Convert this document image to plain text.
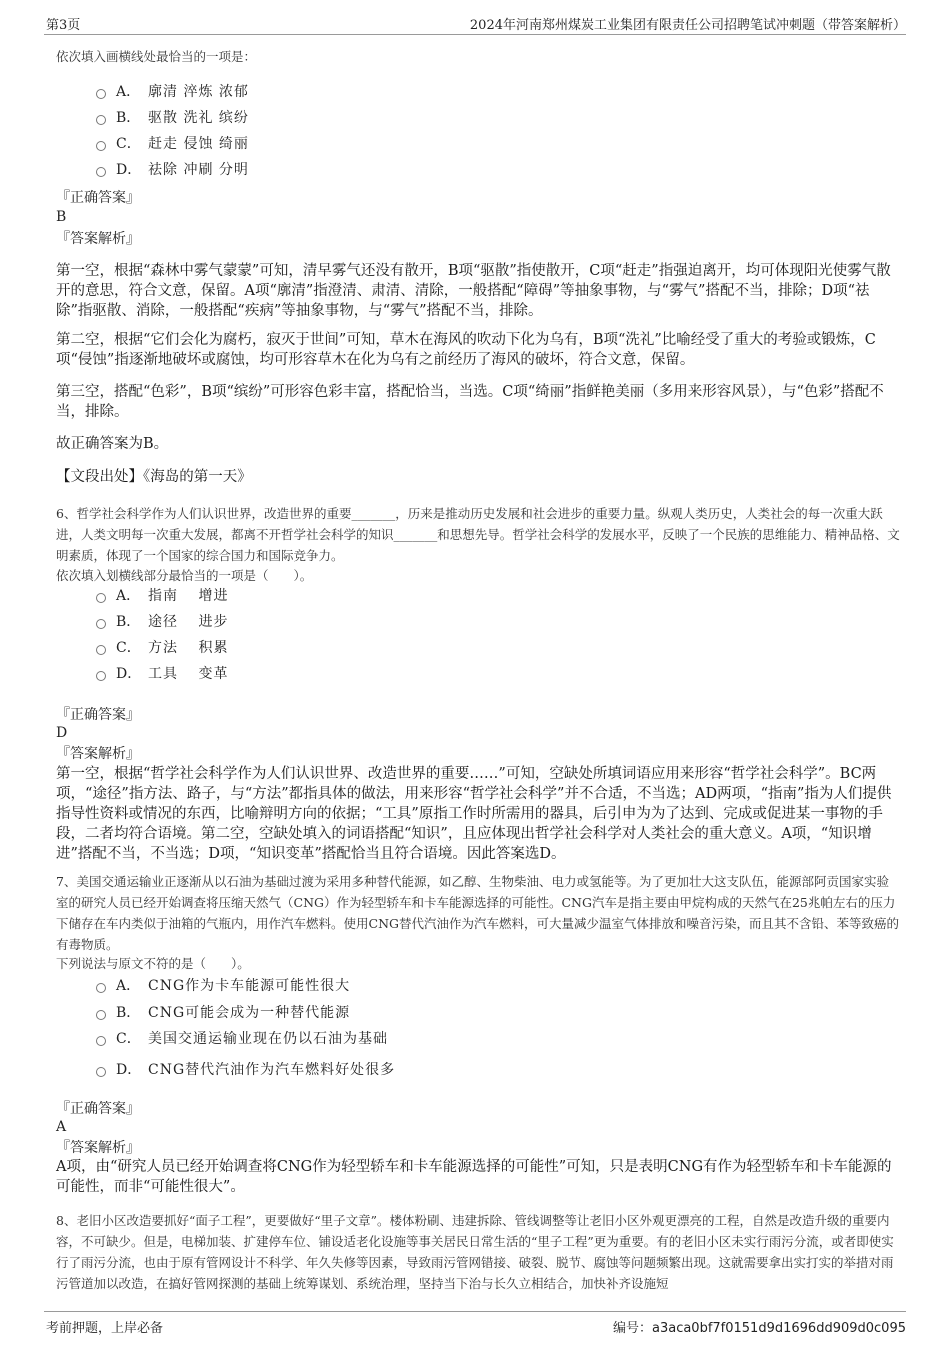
第3页	2024年河南郑州煤炭工业集团有限责任公司招聘笔试冲刺题（带答案解析）
依次填入画横线处最恰当的一项是：
A． 廓清 淬炼 浓郁
B． 驱散 洗礼 缤纷
C． 赶走 侵蚀 绮丽
D． 祛除 冲刷 分明
『正确答案』
B
『答案解析』
第一空，根据“森林中雾气蒙蒙”可知，清早雾气还没有散开，B项“驱散”指使散开，C项“赶走”指强迫离开，均可体现阳光使雾气散开的意思，符合文意，保留。A项“廓清”指澄清、肃清、清除，一般搭配“障碍”等抽象事物，与“雾气”搭配不当，排除；D项“祛除”指驱散、消除，一般搭配“疾病”等抽象事物，与“雾气”搭配不当，排除。
第二空，根据“它们会化为腐朽，寂灭于世间”可知，草木在海风的吹动下化为乌有，B项“洗礼”比喻经受了重大的考验或锻炼，C项“侵蚀”指逐渐地破坏或腐蚀，均可形容草木在化为乌有之前经历了海风的破坏，符合文意，保留。
第三空，搭配“色彩”，B项“缤纷”可形容色彩丰富，搭配恰当，当选。C项“绮丽”指鲜艳美丽（多用来形容风景），与“色彩”搭配不当，排除。
故正确答案为B。
【文段出处】《海岛的第一天》
6、哲学社会科学作为人们认识世界，改造世界的重要_______，历来是推动历史发展和社会进步的重要力量。纵观人类历史，人类社会的每一次重大跃进，人类文明每一次重大发展，都离不开哲学社会科学的知识_______和思想先导。哲学社会科学的发展水平，反映了一个民族的思维能力、精神品格、文明素质，体现了一个国家的综合国力和国际竞争力。
依次填入划横线部分最恰当的一项是（　　）。
A． 指南　 增进
B． 途径　 进步
C． 方法　 积累
D． 工具　 变革
『正确答案』
D
『答案解析』
第一空，根据“哲学社会科学作为人们认识世界、改造世界的重要……”可知，空缺处所填词语应用来形容“哲学社会科学”。BC两项，“途径”指方法、路子，与“方法”都指具体的做法，用来形容“哲学社会科学”并不合适，不当选；AD两项，“指南”指为人们提供指导性资料或情况的东西，比喻辩明方向的依据；“工具”原指工作时所需用的器具，后引申为为了达到、完成或促进某一事物的手段，二者均符合语境。第二空，空缺处填入的词语搭配“知识”，且应体现出哲学社会科学对人类社会的重大意义。A项，“知识增进”搭配不当，不当选；D项，“知识变革”搭配恰当且符合语境。因此答案选D。
7、美国交通运输业正逐渐从以石油为基础过渡为采用多种替代能源，如乙醇、生物柴油、电力或氢能等。为了更加壮大这支队伍，能源部阿贡国家实验室的研究人员已经开始调查将压缩天然气（CNG）作为轻型轿车和卡车能源选择的可能性。CNG汽车是指主要由甲烷构成的天然气在25兆帕左右的压力下储存在车内类似于油箱的气瓶内，用作汽车燃料。使用CNG替代汽油作为汽车燃料，可大量减少温室气体排放和噪音污染，而且其不含铅、苯等致癌的有毒物质。
下列说法与原文不符的是（　　）。
A． CNG作为卡车能源可能性很大
B． CNG可能会成为一种替代能源
C． 美国交通运输业现在仍以石油为基础
D． CNG替代汽油作为汽车燃料好处很多
『正确答案』
A
『答案解析』
A项，由“研究人员已经开始调查将CNG作为轻型轿车和卡车能源选择的可能性”可知，只是表明CNG有作为轻型轿车和卡车能源的可能性，而非“可能性很大”。
8、老旧小区改造要抓好“面子工程”，更要做好“里子文章”。楼体粉刷、违建拆除、管线调整等让老旧小区外观更漂亮的工程，自然是改造升级的重要内容，不可缺少。但是，电梯加装、扩建停车位、铺设适老化设施等事关居民日常生活的“里子工程”更为重要。有的老旧小区未实行雨污分流，或者即使实行了雨污分流，也由于原有管网设计不科学、年久失修等因素，导致雨污管网错接、破裂、脱节、腐蚀等问题频繁出现。这就需要拿出实打实的举措对雨污管道加以改造，在搞好管网探测的基础上统筹谋划、系统治理，坚持当下治与长久立相结合，加快补齐设施短
考前押题，上岸必备	编号：a3aca0bf7f0151d9d1696dd909d0c095
